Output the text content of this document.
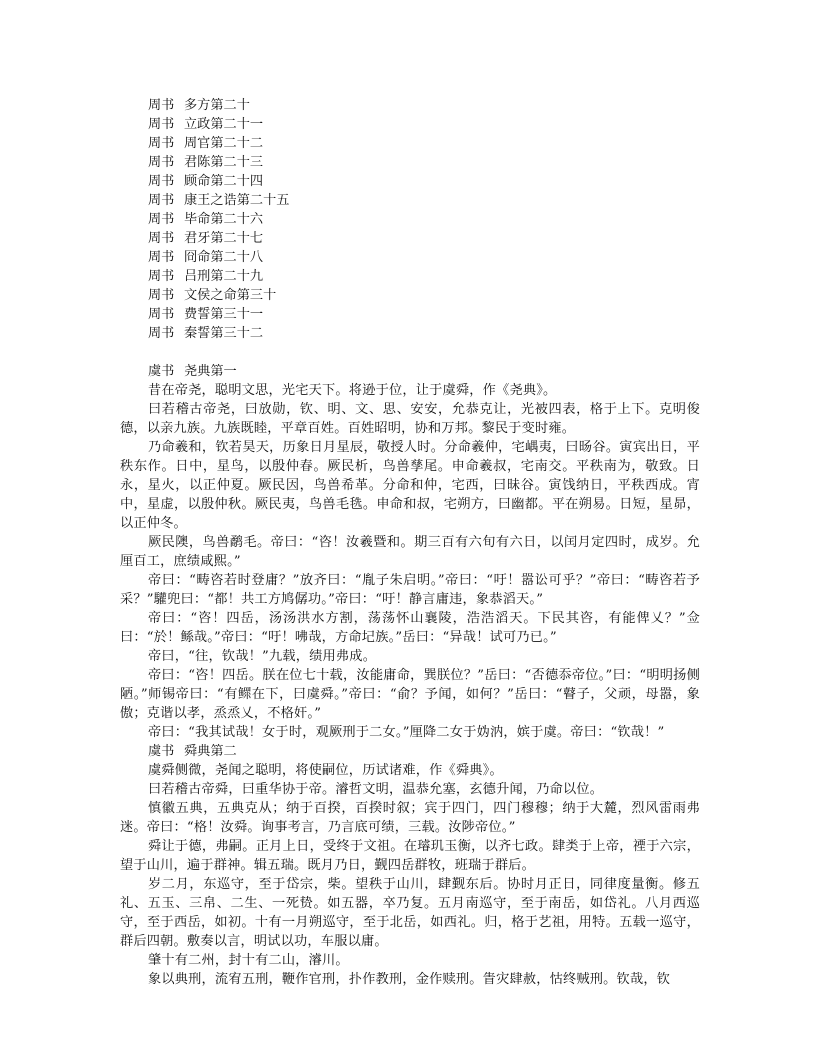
周书 多方第二十
周书 立政第二十一
周书 周官第二十二
周书 君陈第二十三
周书 顾命第二十四
周书 康王之诰第二十五
周书 毕命第二十六
周书 君牙第二十七
周书 冏命第二十八
周书 吕刑第二十九
周书 文侯之命第三十
周书 费誓第三十一
周书 秦誓第三十二
虞书 尧典第一

昔在帝尧，聪明文思，光宅天下。将逊于位，让于虞舜，作《尧典》。

曰若稽古帝尧，曰放勋，钦、明、文、思、安安，允恭克让，光被四表，格于上下。克明俊德，以亲九族。九族既睦，平章百姓。百姓昭明，协和万邦。黎民于变时雍。

乃命羲和，钦若昊天，历象日月星辰，敬授人时。分命羲仲，宅嵎夷，曰旸谷。寅宾出日，平秩东作。日中，星鸟，以殷仲春。厥民析，鸟兽孳尾。申命羲叔，宅南交。平秩南为，敬致。日永，星火，以正仲夏。厥民因，鸟兽希革。分命和仲，宅西，曰昧谷。寅饯纳日，平秩西成。宵中，星虚，以殷仲秋。厥民夷，鸟兽毛毨。申命和叔，宅朔方，曰幽都。平在朔易。日短，星昴，以正仲冬。

厥民隩，鸟兽鹬毛。帝曰：“咨！汝羲暨和。期三百有六旬有六日，以闰月定四时，成岁。允厘百工，庶绩咸熙。”

帝曰：“畴咨若时登庸？”放齐曰：“胤子朱启明。”帝曰：“吁！嚣讼可乎？”帝曰：“畴咨若予采？”驩兜曰：“都！共工方鸠僝功。”帝曰：“吁！静言庸违，象恭滔天。”

帝曰：“咨！四岳，汤汤洪水方割，荡荡怀山襄陵，浩浩滔天。下民其咨，有能俾乂？”佥曰：“於！鲧哉。”帝曰：“吁！咈哉，方命圮族。”岳曰：“异哉！试可乃已。”

帝曰，“往，钦哉！”九载，绩用弗成。

帝曰：“咨！四岳。朕在位七十载，汝能庸命，巽朕位？”岳曰：“否德忝帝位。”曰：“明明扬侧陋。”师锡帝曰：“有鳏在下，曰虞舜。”帝曰：“俞？予闻，如何？”岳曰：“瞽子，父顽，母嚣，象傲；克谐以孝，烝烝乂，不格奸。”

帝曰：“我其试哉！女于时，观厥刑于二女。”厘降二女于妫汭，嫔于虞。帝曰：“钦哉！”

虞书 舜典第二

虞舜侧微，尧闻之聪明，将使嗣位，历试诸难，作《舜典》。

曰若稽古帝舜，曰重华协于帝。濬哲文明，温恭允塞，玄德升闻，乃命以位。

慎徽五典，五典克从；纳于百揆，百揆时叙；宾于四门，四门穆穆；纳于大麓，烈风雷雨弗迷。帝曰：“格！汝舜。询事考言，乃言底可绩，三载。汝陟帝位。”

舜让于德，弗嗣。正月上日，受终于文祖。在璿玑玉衡，以齐七政。肆类于上帝，禋于六宗，望于山川，遍于群神。辑五瑞。既月乃日，觐四岳群牧，班瑞于群后。

岁二月，东巡守，至于岱宗，柴。望秩于山川，肆觐东后。协时月正日，同律度量衡。修五礼、五玉、三帛、二生、一死贽。如五器，卒乃复。五月南巡守，至于南岳，如岱礼。八月西巡守，至于西岳，如初。十有一月朔巡守，至于北岳，如西礼。归，格于艺祖，用特。五载一巡守，群后四朝。敷奏以言，明试以功，车服以庸。

肇十有二州，封十有二山，濬川。

象以典刑，流宥五刑，鞭作官刑，扑作教刑，金作赎刑。眚灾肆赦，怙终贼刑。钦哉，钦
